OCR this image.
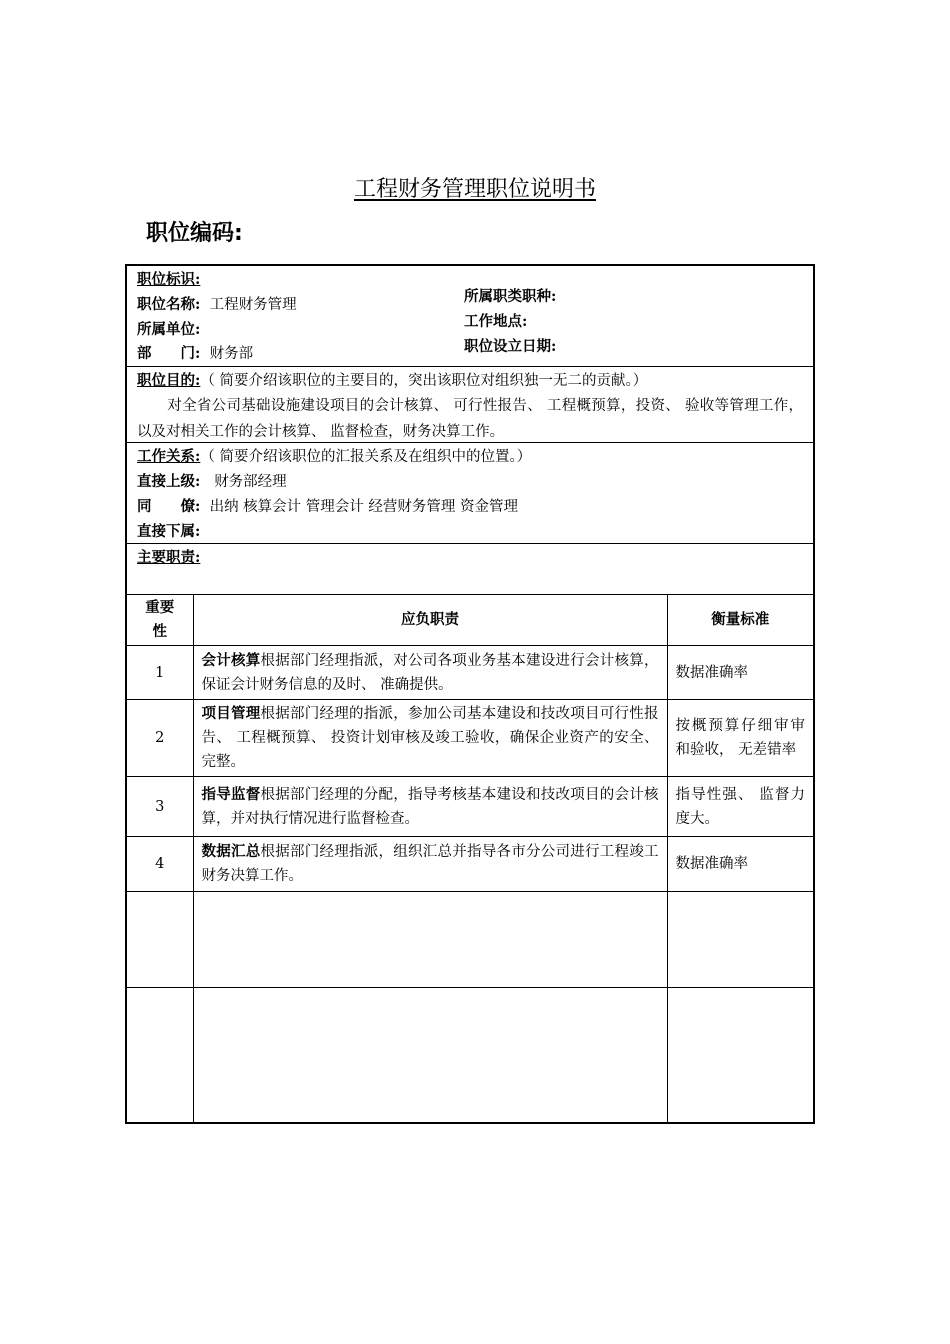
工程财务管理职位说明书
职位编码:
职位标识:
职位名称: 工程财务管理
所属单位:
部　　门: 财务部
所属职类职种:
工作地点:
职位设立日期:
职位目的:（ 简要介绍该职位的主要目的，突出该职位对组织独一无二的贡献。）
对全省公司基础设施建设项目的会计核算、 可行性报告、 工程概预算，投资、 验收等管理工作，以及对相关工作的会计核算、 监督检查，财务决算工作。
工作关系:（ 简要介绍该职位的汇报关系及在组织中的位置。）
直接上级: 财务部经理
同　　僚: 出纳 核算会计 管理会计 经营财务管理 资金管理
直接下属:
主要职责:
重要性	应负职责	衡量标准
1	会计核算根据部门经理指派，对公司各项业务基本建设进行会计核算，保证会计财务信息的及时、 准确提供。	数据准确率
2	项目管理根据部门经理的指派，参加公司基本建设和技改项目可行性报告、 工程概预算、 投资计划审核及竣工验收，确保企业资产的安全、 完整。	按概预算仔细审审和验收， 无差错率
3	指导监督根据部门经理的分配，指导考核基本建设和技改项目的会计核算，并对执行情况进行监督检查。	指导性强、 监督力度大。
4	数据汇总根据部门经理指派，组织汇总并指导各市分公司进行工程竣工财务决算工作。	数据准确率
